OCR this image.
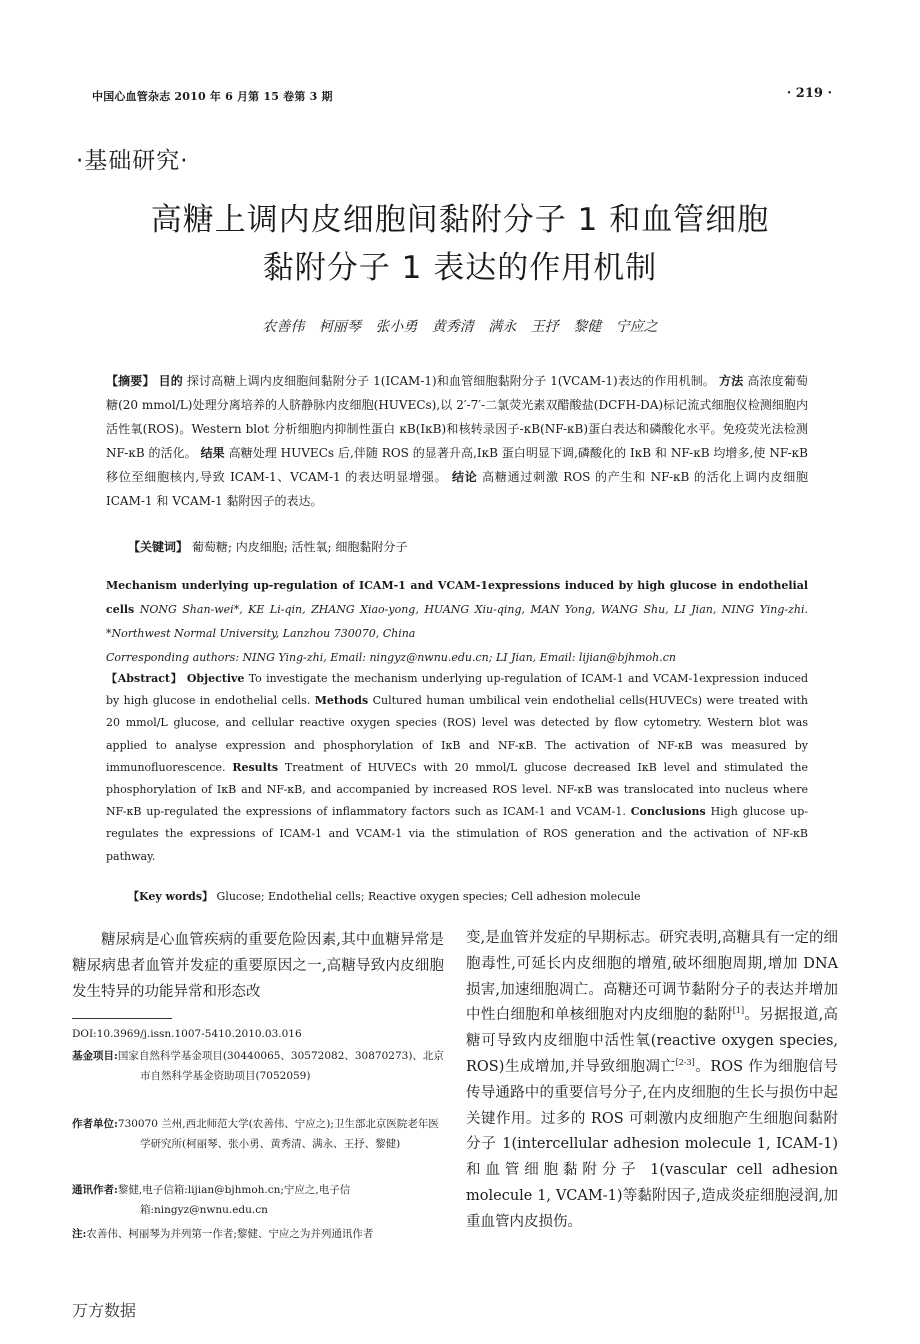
中国心血管杂志 2010 年 6 月第 15 卷第 3 期	· 219 ·
·基础研究·
高糖上调内皮细胞间黏附分子 1 和血管细胞
黏附分子 1 表达的作用机制
农善伟 柯丽琴 张小勇 黄秀清 满永 王抒 黎健 宁应之
【摘要】 目的 探讨高糖上调内皮细胞间黏附分子 1(ICAM-1)和血管细胞黏附分子 1(VCAM-1)表达的作用机制。 方法 高浓度葡萄糖(20 mmol/L)处理分离培养的人脐静脉内皮细胞(HUVECs),以 2′-7′-二氯荧光素双醋酸盐(DCFH-DA)标记流式细胞仪检测细胞内活性氧(ROS)。Western blot 分析细胞内抑制性蛋白 κB(IκB)和核转录因子-κB(NF-κB)蛋白表达和磷酸化水平。免疫荧光法检测 NF-κB 的活化。 结果 高糖处理 HUVECs 后,伴随 ROS 的显著升高,IκB 蛋白明显下调,磷酸化的 IκB 和 NF-κB 均增多,使 NF-κB 移位至细胞核内,导致 ICAM-1、VCAM-1 的表达明显增强。 结论 高糖通过刺激 ROS 的产生和 NF-κB 的活化上调内皮细胞 ICAM-1 和 VCAM-1 黏附因子的表达。
【关键词】 葡萄糖; 内皮细胞; 活性氧; 细胞黏附分子
Mechanism underlying up-regulation of ICAM-1 and VCAM-1expressions induced by high glucose in endothelial cells NONG Shan-wei*, KE Li-qin, ZHANG Xiao-yong, HUANG Xiu-qing, MAN Yong, WANG Shu, LI Jian, NING Ying-zhi. *Northwest Normal University, Lanzhou 730070, China
Corresponding authors: NING Ying-zhi, Email: ningyz@nwnu.edu.cn; LI Jian, Email: lijian@bjhmoh.cn
【Abstract】 Objective To investigate the mechanism underlying up-regulation of ICAM-1 and VCAM-1expression induced by high glucose in endothelial cells. Methods Cultured human umbilical vein endothelial cells(HUVECs) were treated with 20 mmol/L glucose, and cellular reactive oxygen species (ROS) level was detected by flow cytometry. Western blot was applied to analyse expression and phosphorylation of IκB and NF-κB. The activation of NF-κB was measured by immunofluorescence. Results Treatment of HUVECs with 20 mmol/L glucose decreased IκB level and stimulated the phosphorylation of IκB and NF-κB, and accompanied by increased ROS level. NF-κB was translocated into nucleus where NF-κB up-regulated the expressions of inflammatory factors such as ICAM-1 and VCAM-1. Conclusions High glucose up-regulates the expressions of ICAM-1 and VCAM-1 via the stimulation of ROS generation and the activation of NF-κB pathway.
【Key words】 Glucose; Endothelial cells; Reactive oxygen species; Cell adhesion molecule
糖尿病是心血管疾病的重要危险因素,其中血糖异常是糖尿病患者血管并发症的重要原因之一,高糖导致内皮细胞发生特异的功能异常和形态改
变,是血管并发症的早期标志。研究表明,高糖具有一定的细胞毒性,可延长内皮细胞的增殖,破坏细胞周期,增加 DNA 损害,加速细胞凋亡。高糖还可调节黏附分子的表达并增加中性白细胞和单核细胞对内皮细胞的黏附[1]。另据报道,高糖可导致内皮细胞中活性氧(reactive oxygen species, ROS)生成增加,并导致细胞凋亡[2-3]。ROS 作为细胞信号传导通路中的重要信号分子,在内皮细胞的生长与损伤中起关键作用。过多的 ROS 可刺激内皮细胞产生细胞间黏附分子 1(intercellular adhesion molecule 1, ICAM-1)和血管细胞黏附分子 1(vascular cell adhesion molecule 1, VCAM-1)等黏附因子,造成炎症细胞浸润,加重血管内皮损伤。
DOI:10.3969/j.issn.1007-5410.2010.03.016
基金项目:国家自然科学基金项目(30440065、30572082、30870273)、北京市自然科学基金资助项目(7052059)
作者单位:730070 兰州,西北师范大学(农善伟、宁应之);卫生部北京医院老年医学研究所(柯丽琴、张小勇、黄秀清、满永、王抒、黎健)
通讯作者:黎健,电子信箱:lijian@bjhmoh.cn;宁应之,电子信箱:ningyz@nwnu.edu.cn
注:农善伟、柯丽琴为并列第一作者;黎健、宁应之为并列通讯作者
万方数据
